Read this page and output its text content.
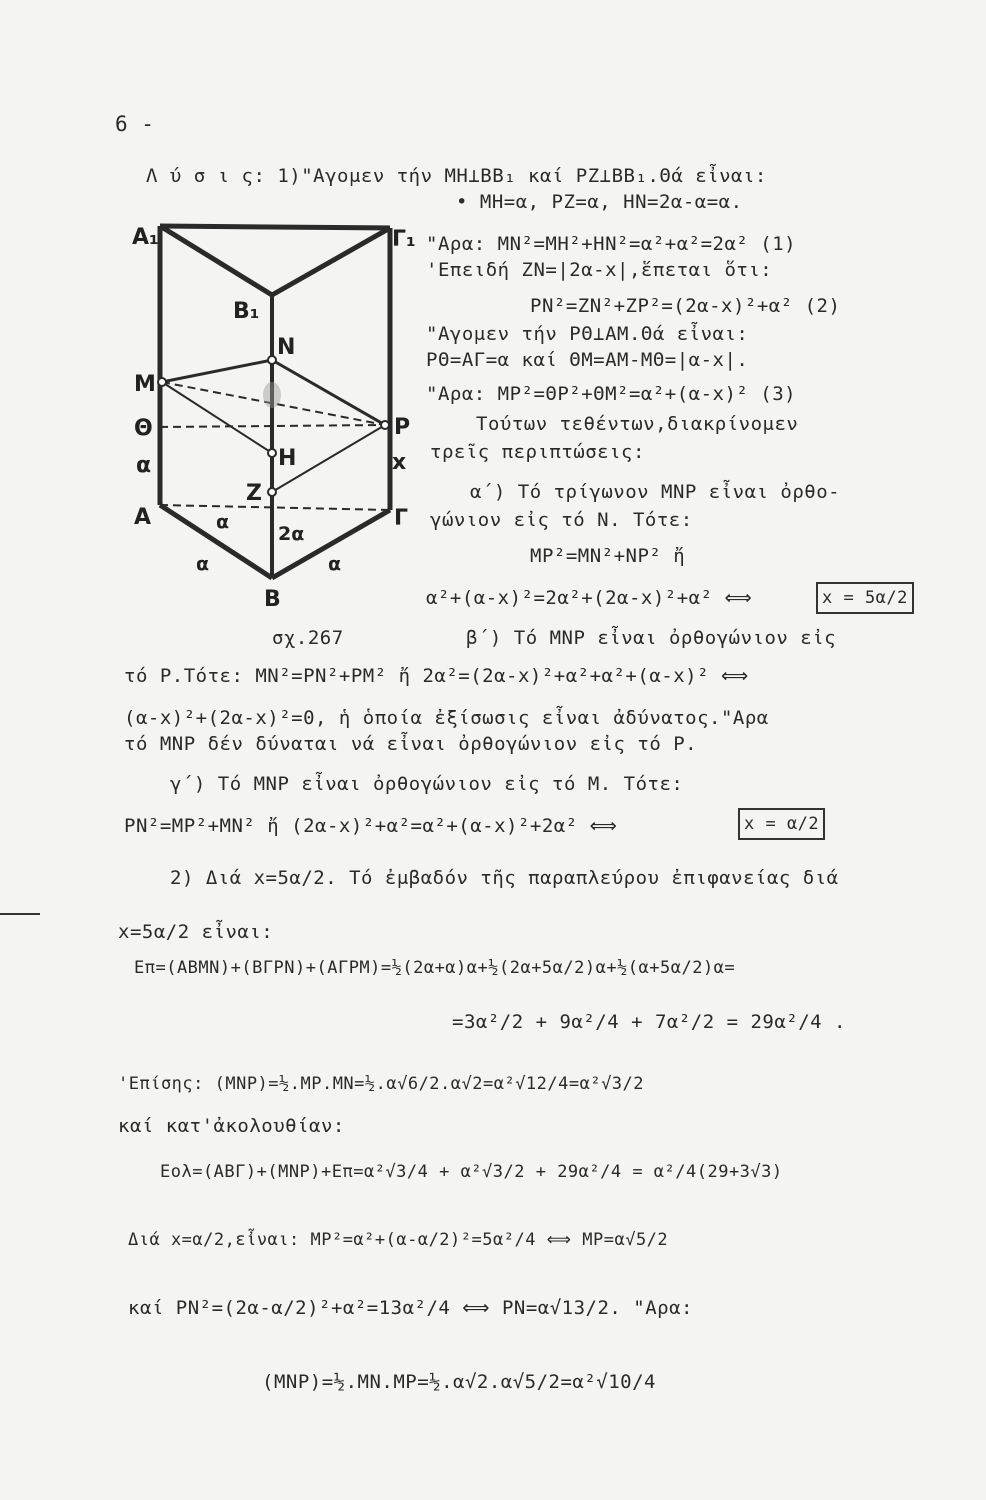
6 -
A₁	Γ₁
B₁
N
M
Θ	P
α	H	x
Z
A	Γ
α
2α
α	α
B
σχ.267
Λ ύ σ ι ς: 1)"Αγομεν τήν ΜΗ⊥ΒΒ₁ καί ΡΖ⊥ΒΒ₁.Θά εἶναι:
• ΜΗ=α, ΡΖ=α, ΗΝ=2α-α=α.
"Αρα: ΜΝ²=ΜΗ²+ΗΝ²=α²+α²=2α² (1)
'Επειδή ΖΝ=|2α-x|,ἕπεται ὅτι:
ΡΝ²=ΖΝ²+ΖΡ²=(2α-x)²+α² (2)
"Αγομεν τήν ΡΘ⊥ΑΜ.Θά εἶναι:
ΡΘ=ΑΓ=α καί ΘΜ=ΑΜ-ΜΘ=|α-x|.
"Αρα: ΜΡ²=ΘΡ²+ΘΜ²=α²+(α-x)² (3)
Τούτων τεθέντων,διακρίνομεν
τρεῖς περιπτώσεις:
α΄) Τό τρίγωνον ΜΝΡ εἶναι ὀρθο-
γώνιον εἰς τό Ν. Τότε:
ΜΡ²=ΜΝ²+ΝΡ² ἤ
α²+(α-x)²=2α²+(2α-x)²+α² ⟺	x = 5α/2
β΄) Τό ΜΝΡ εἶναι ὀρθογώνιον εἰς
τό Ρ.Τότε: ΜΝ²=ΡΝ²+ΡΜ² ἤ 2α²=(2α-x)²+α²+α²+(α-x)² ⟺
(α-x)²+(2α-x)²=0, ἡ ὁποία ἐξίσωσις εἶναι ἀδύνατος."Αρα
τό ΜΝΡ δέν δύναται νά εἶναι ὀρθογώνιον εἰς τό Ρ.
γ΄) Τό ΜΝΡ εἶναι ὀρθογώνιον εἰς τό Μ. Τότε:
ΡΝ²=ΜΡ²+ΜΝ² ἤ (2α-x)²+α²=α²+(α-x)²+2α² ⟺	x = α/2
2) Διά x=5α/2. Τό ἐμβαδόν τῆς παραπλεύρου ἐπιφανείας διά
x=5α/2 εἶναι:
Επ=(ΑΒΜΝ)+(ΒΓΡΝ)+(ΑΓΡΜ)=½(2α+α)α+½(2α+5α/2)α+½(α+5α/2)α=
=3α²/2 + 9α²/4 + 7α²/2 = 29α²/4 .
'Επίσης: (ΜΝΡ)=½.ΜΡ.ΜΝ=½.α√6/2.α√2=α²√12/4=α²√3/2
καί κατ'ἀκολουθίαν:
Εολ=(ΑΒΓ)+(ΜΝΡ)+Επ=α²√3/4 + α²√3/2 + 29α²/4 = α²/4(29+3√3)
Διά x=α/2,εἶναι: ΜΡ²=α²+(α-α/2)²=5α²/4 ⟺ ΜΡ=α√5/2
καί ΡΝ²=(2α-α/2)²+α²=13α²/4 ⟺ ΡΝ=α√13/2. "Αρα:
(ΜΝΡ)=½.ΜΝ.ΜΡ=½.α√2.α√5/2=α²√10/4
